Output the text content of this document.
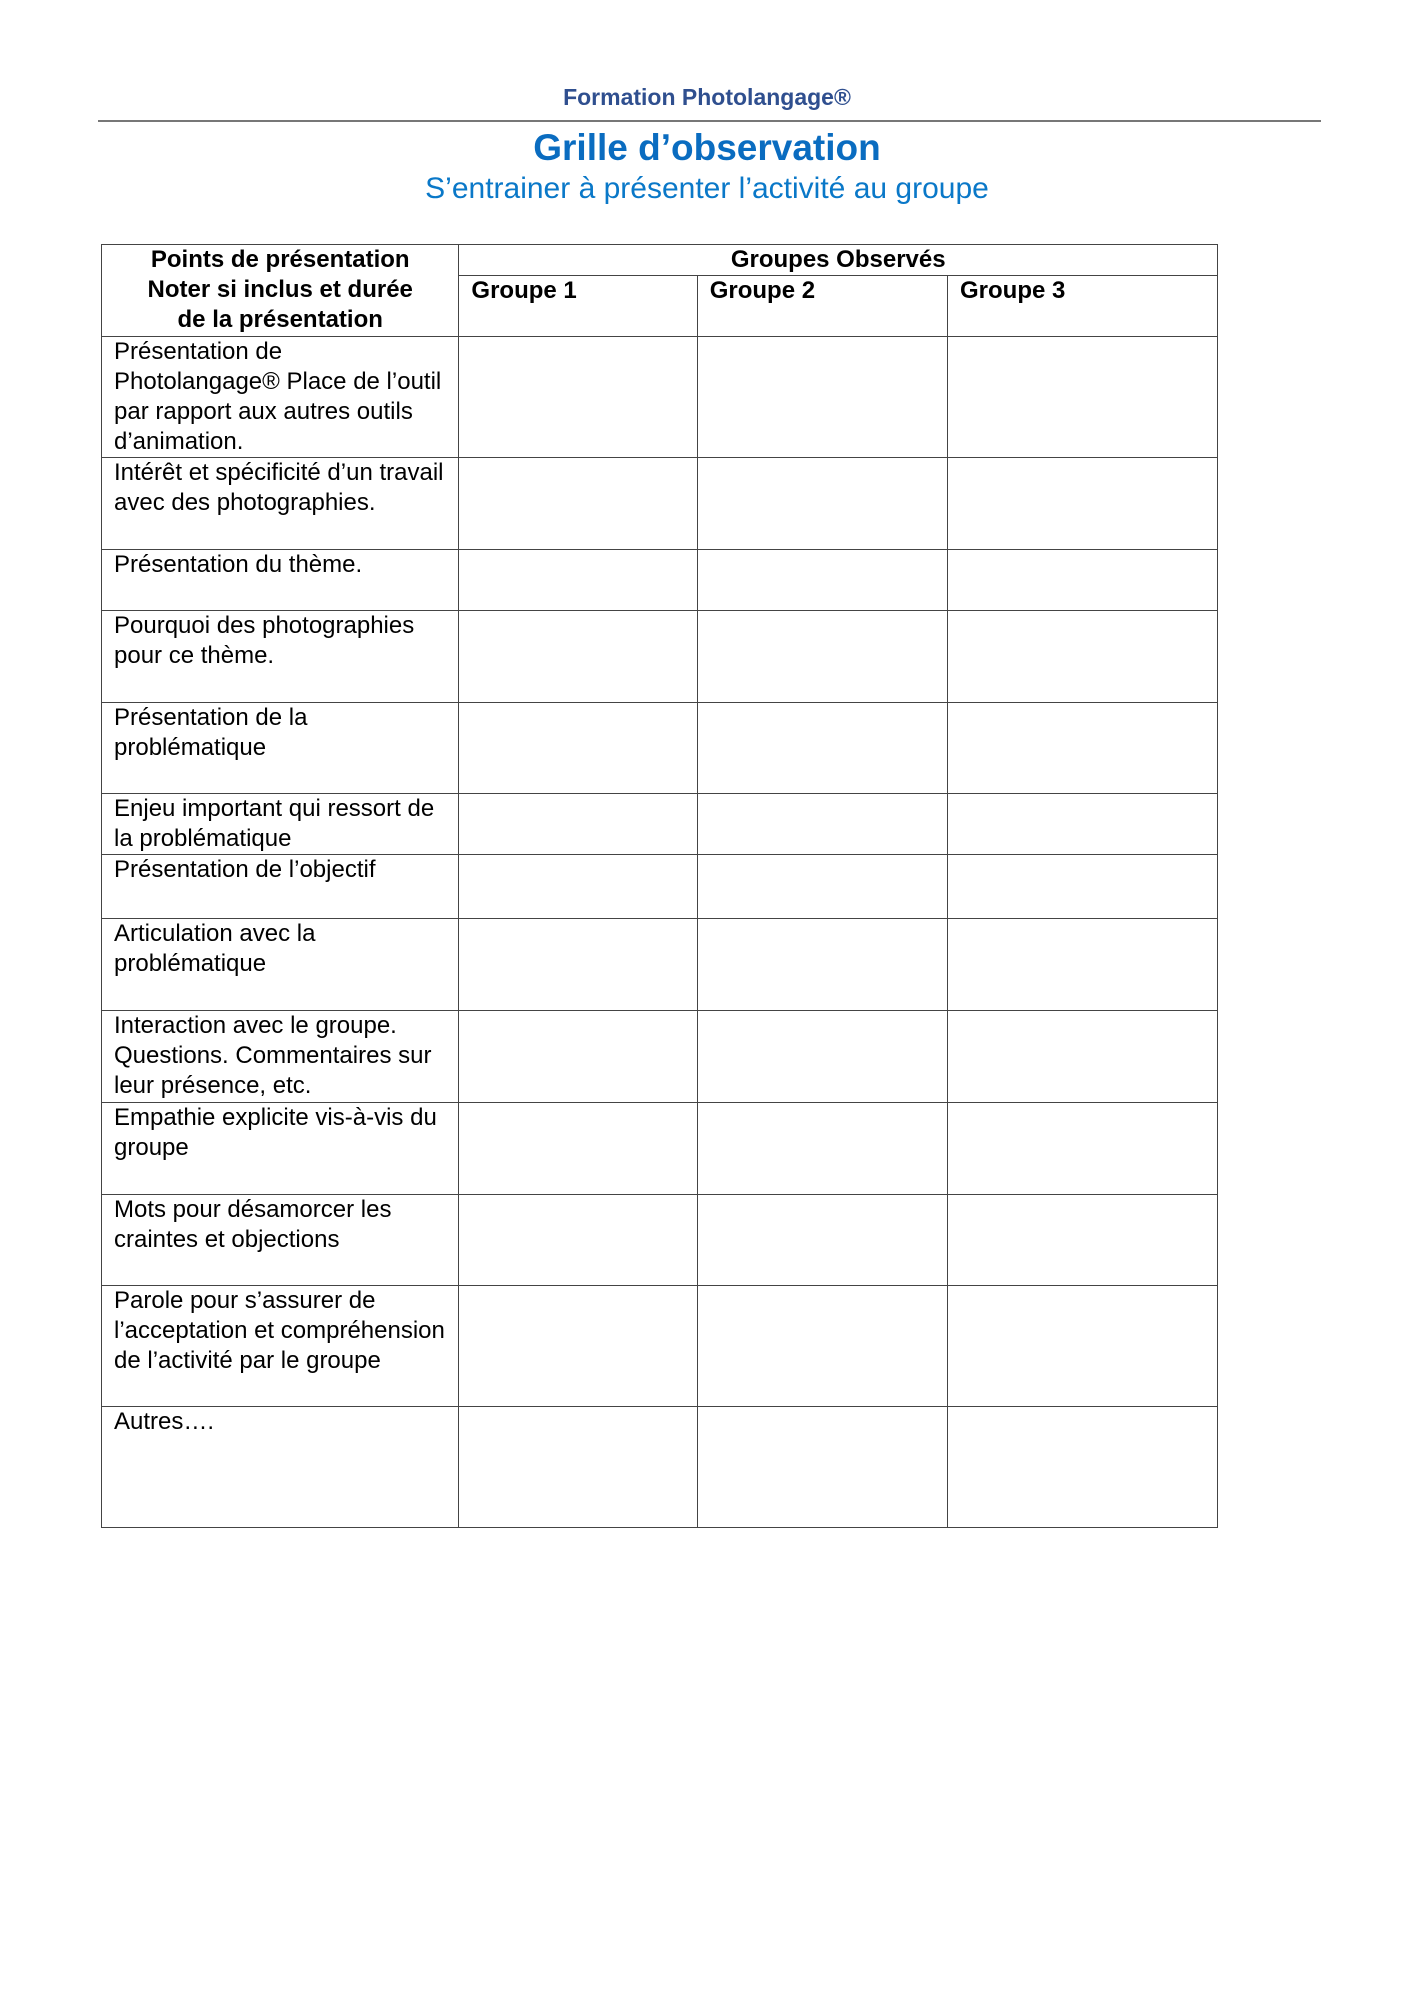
Formation Photolangage®
Grille d’observation
S’entrainer à présenter l’activité au groupe
Points de présentation
Noter si inclus et durée
de la présentation	Groupes Observés		
	Groupe 1	Groupe 2	Groupe 3
Présentation de Photolangage® Place de l’outil par rapport aux autres outils d’animation.			
Intérêt et spécificité d’un travail avec des photographies.			
Présentation du thème.			
Pourquoi des photographies pour ce thème.			
Présentation de la problématique			
Enjeu important qui ressort de la problématique			
Présentation de l’objectif			
Articulation avec la problématique			
Interaction avec le groupe. Questions. Commentaires sur leur présence, etc.			
Empathie explicite vis-à-vis du groupe			
Mots pour désamorcer les craintes et objections			
Parole pour s’assurer de l’acceptation et compréhension de l’activité par le groupe			
Autres….			
